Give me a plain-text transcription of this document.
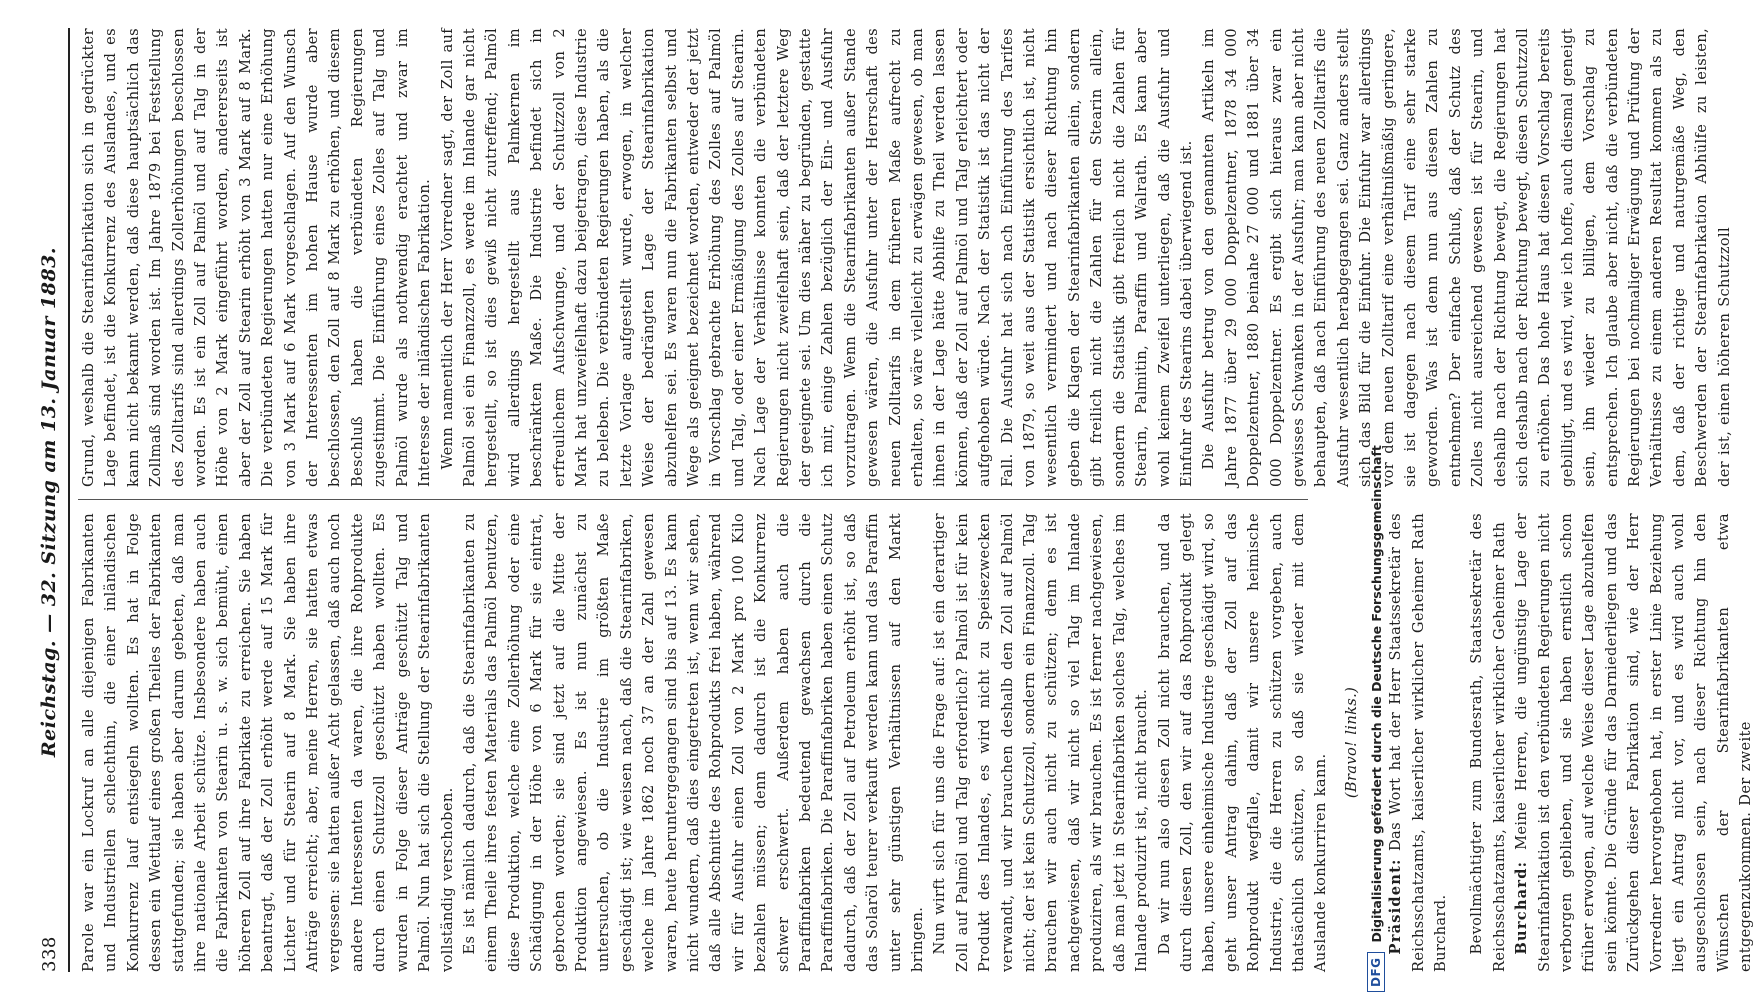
338
Reichstag. — 32. Sitzung am 13. Januar 1883. Parole war ein Lockruf an alle diejenigen Fabrikanten und Industriellen schlechthin, die einer inländischen Konkurrenz lauf entsiegeln wollten. Es hat in Folge dessen ein Wettlauf eines großen Theiles der Fabrikanten stattgefunden; sie haben aber darum gebeten, daß man ihre nationale Arbeit schütze. Insbesondere haben auch die Fabrikanten von Stearin u. s. w. sich bemüht, einen höheren Zoll auf ihre Fabrikate zu erreichen. Sie haben beantragt, daß der Zoll erhöht werde auf 15 Mark für Lichter und für Stearin auf 8 Mark. Sie haben ihre Anträge erreicht; aber, meine Herren, sie hatten etwas vergessen: sie hatten außer Acht gelassen, daß auch noch andere Interessenten da waren, die ihre Rohprodukte durch einen Schutzzoll geschützt haben wollten. Es wurden in Folge dieser Anträge geschützt Talg und Palmöl. Nun hat sich die Stellung der Stearinfabrikanten vollständig verschoben. Es ist nämlich dadurch, daß die Stearinfabrikanten zu einem Theile ihres festen Materials das Palmöl benutzen, diese Produktion, welche eine Zollerhöhung oder eine Schädigung in der Höhe von 6 Mark für sie eintrat, gebrochen worden; sie sind jetzt auf die Mitte der Produktion angewiesen. Es ist nun zunächst zu untersuchen, ob die Industrie im größten Maße geschädigt ist; wie weisen nach, daß die Stearinfabriken, welche im Jahre 1862 noch 37 an der Zahl gewesen waren, heute heruntergegangen sind bis auf 13. Es kann nicht wundern, daß dies eingetreten ist, wenn wir sehen, daß alle Abschnitte des Rohprodukts frei haben, während wir für Ausfuhr einen Zoll von 2 Mark pro 100 Kilo bezahlen müssen; denn dadurch ist die Konkurrenz schwer erschwert. Außerdem haben auch die Paraffinfabriken bedeutend gewachsen durch die Paraffinfabriken. Die Paraffinfabriken haben einen Schutz dadurch, daß der Zoll auf Petroleum erhöht ist, so daß das Solaröl teurer verkauft werden kann und das Paraffin unter sehr günstigen Verhältnissen auf den Markt bringen. Nun wirft sich für uns die Frage auf: ist ein derartiger Zoll auf Palmöl und Talg erforderlich? Palmöl ist für kein Produkt des Inlandes, es wird nicht zu Speisezwecken verwandt, und wir brauchen deshalb den Zoll auf Palmöl nicht; der ist kein Schutzzoll, sondern ein Finanzzoll. Talg brauchen wir auch nicht zu schützen; denn es ist nachgewiesen, daß wir nicht so viel Talg im Inlande produziren, als wir brauchen. Es ist ferner nachgewiesen, daß man jetzt in Stearinfabriken solches Talg, welches im Inlande produzirt ist, nicht braucht. Da wir nun also diesen Zoll nicht brauchen, und da durch diesen Zoll, den wir auf das Rohprodukt gelegt haben, unsere einheimische Industrie geschädigt wird, so geht unser Antrag dahin, daß der Zoll auf das Rohprodukt wegfalle, damit wir unsere heimische Industrie, die die Herren zu schützen vorgeben, auch thatsächlich schützen, so daß sie wieder mit dem Auslande konkurriren kann.

(Bravo! links.)

Präsident: Das Wort hat der Herr Staatssekretär des Reichsschatzamts, kaiserlicher wirklicher Geheimer Rath Burchard. Bevollmächtigter zum Bundesrath, Staatssekretär des Reichsschatzamts, kaiserlicher wirklicher Geheimer Rath Burchard: Meine Herren, die ungünstige Lage der Stearinfabrikation ist den verbündeten Regierungen nicht verborgen geblieben, und sie haben ernstlich schon früher erwogen, auf welche Weise dieser Lage abzuhelfen sein könnte. Die Gründe für das Darniederliegen und das Zurückgehen dieser Fabrikation sind, wie der Herr Vorredner hervorgehoben hat, in erster Linie Beziehung liegt ein Antrag nicht vor, und es wird auch wohl ausgeschlossen sein, nach dieser Richtung hin den Wünschen der Stearinfabrikanten etwa entgegenzukommen. Der zweite

Grund, weshalb die Stearinfabrikation sich in gedrückter Lage befindet, ist die Konkurrenz des Auslandes, und es kann nicht bekannt werden, daß diese hauptsächlich das Zollmaß sind worden ist. Im Jahre 1879 bei Feststellung des Zolltarifs sind allerdings Zollerhöhungen beschlossen worden. Es ist ein Zoll auf Palmöl und auf Talg in der Höhe von 2 Mark eingeführt worden, andererseits ist aber der Zoll auf Stearin erhöht von 3 Mark auf 8 Mark. Die verbündeten Regierungen hatten nur eine Erhöhung von 3 Mark auf 6 Mark vorgeschlagen. Auf den Wunsch der Interessenten im hohen Hause wurde aber beschlossen, den Zoll auf 8 Mark zu erhöhen, und diesem Beschluß haben die verbündeten Regierungen zugestimmt. Die Einführung eines Zolles auf Talg und Palmöl wurde als nothwendig erachtet und zwar im Interesse der inländischen Fabrikation. Wenn namentlich der Herr Vorredner sagt, der Zoll auf Palmöl sei ein Finanzzoll, es werde im Inlande gar nicht hergestellt, so ist dies gewiß nicht zutreffend; Palmöl wird allerdings hergestellt aus Palmkernen im beschränkten Maße. Die Industrie befindet sich in erfreulichem Aufschwunge, und der Schutzzoll von 2 Mark hat unzweifelhaft dazu beigetragen, diese Industrie zu beleben. Die verbündeten Regierungen haben, als die letzte Vorlage aufgestellt wurde, erwogen, in welcher Weise der bedrängten Lage der Stearinfabrikation abzuhelfen sei. Es waren nun die Fabrikanten selbst und Wege als geeignet bezeichnet worden, entweder der jetzt in Vorschlag gebrachte Erhöhung des Zolles auf Palmöl und Talg, oder einer Ermäßigung des Zolles auf Stearin. Nach Lage der Verhältnisse konnten die verbündeten Regierungen nicht zweifelhaft sein, daß der letztere Weg der geeignete sei. Um dies näher zu begründen, gestatte ich mir, einige Zahlen bezüglich der Ein- und Ausfuhr vorzutragen. Wenn die Stearinfabrikanten außer Stande gewesen wären, die Ausfuhr unter der Herrschaft des neuen Zolltarifs in dem früheren Maße aufrecht zu erhalten, so wäre vielleicht zu erwägen gewesen, ob man ihnen in der Lage hätte Abhilfe zu Theil werden lassen können, daß der Zoll auf Palmöl und Talg erleichtert oder aufgehoben würde. Nach der Statistik ist das nicht der Fall. Die Ausfuhr hat sich nach Einführung des Tarifes von 1879, so weit aus der Statistik ersichtlich ist, nicht wesentlich vermindert und nach dieser Richtung hin geben die Klagen der Stearinfabrikanten allein, sondern gibt freilich nicht die Zahlen für den Stearin allein, sondern die Statistik gibt freilich nicht die Zahlen für Stearin, Palmitin, Paraffin und Walrath. Es kann aber wohl keinem Zweifel unterliegen, daß die Ausfuhr und Einfuhr des Stearins dabei überwiegend ist. Die Ausfuhr betrug von den genannten Artikeln im Jahre 1877 über 29 000 Doppelzentner, 1878 34 000 Doppelzentner, 1880 beinahe 27 000 und 1881 über 34 000 Doppelzentner. Es ergibt sich hieraus zwar ein gewisses Schwanken in der Ausfuhr; man kann aber nicht behaupten, daß nach Einführung des neuen Zolltarifs die Ausfuhr wesentlich herabgegangen sei. Ganz anders stellt sich das Bild für die Einfuhr. Die Einfuhr war allerdings vor dem neuen Zolltarif eine verhältnißmäßig geringere, sie ist dagegen nach diesem Tarif eine sehr starke geworden. Was ist denn nun aus diesen Zahlen zu entnehmen? Der einfache Schluß, daß der Schutz des Zolles nicht ausreichend gewesen ist für Stearin, und deshalb nach der Richtung bewegt, die Regierungen hat sich deshalb nach der Richtung bewegt, diesen Schutzzoll zu erhöhen. Das hohe Haus hat diesen Vorschlag bereits gebilligt, und es wird, wie ich hoffe, auch diesmal geneigt sein, ihn wieder zu billigen, dem Vorschlag zu entsprechen. Ich glaube aber nicht, daß die verbündeten Regierungen bei nochmaliger Erwägung und Prüfung der Verhältnisse zu einem anderen Resultat kommen als zu dem, daß der richtige und naturgemäße Weg, den Beschwerden der Stearinfabrikation Abhülfe zu leisten, der ist, einen höheren Schutzzoll

DFG
Digitalisierung gefördert durch die Deutsche Forschungsgemeinschaft
